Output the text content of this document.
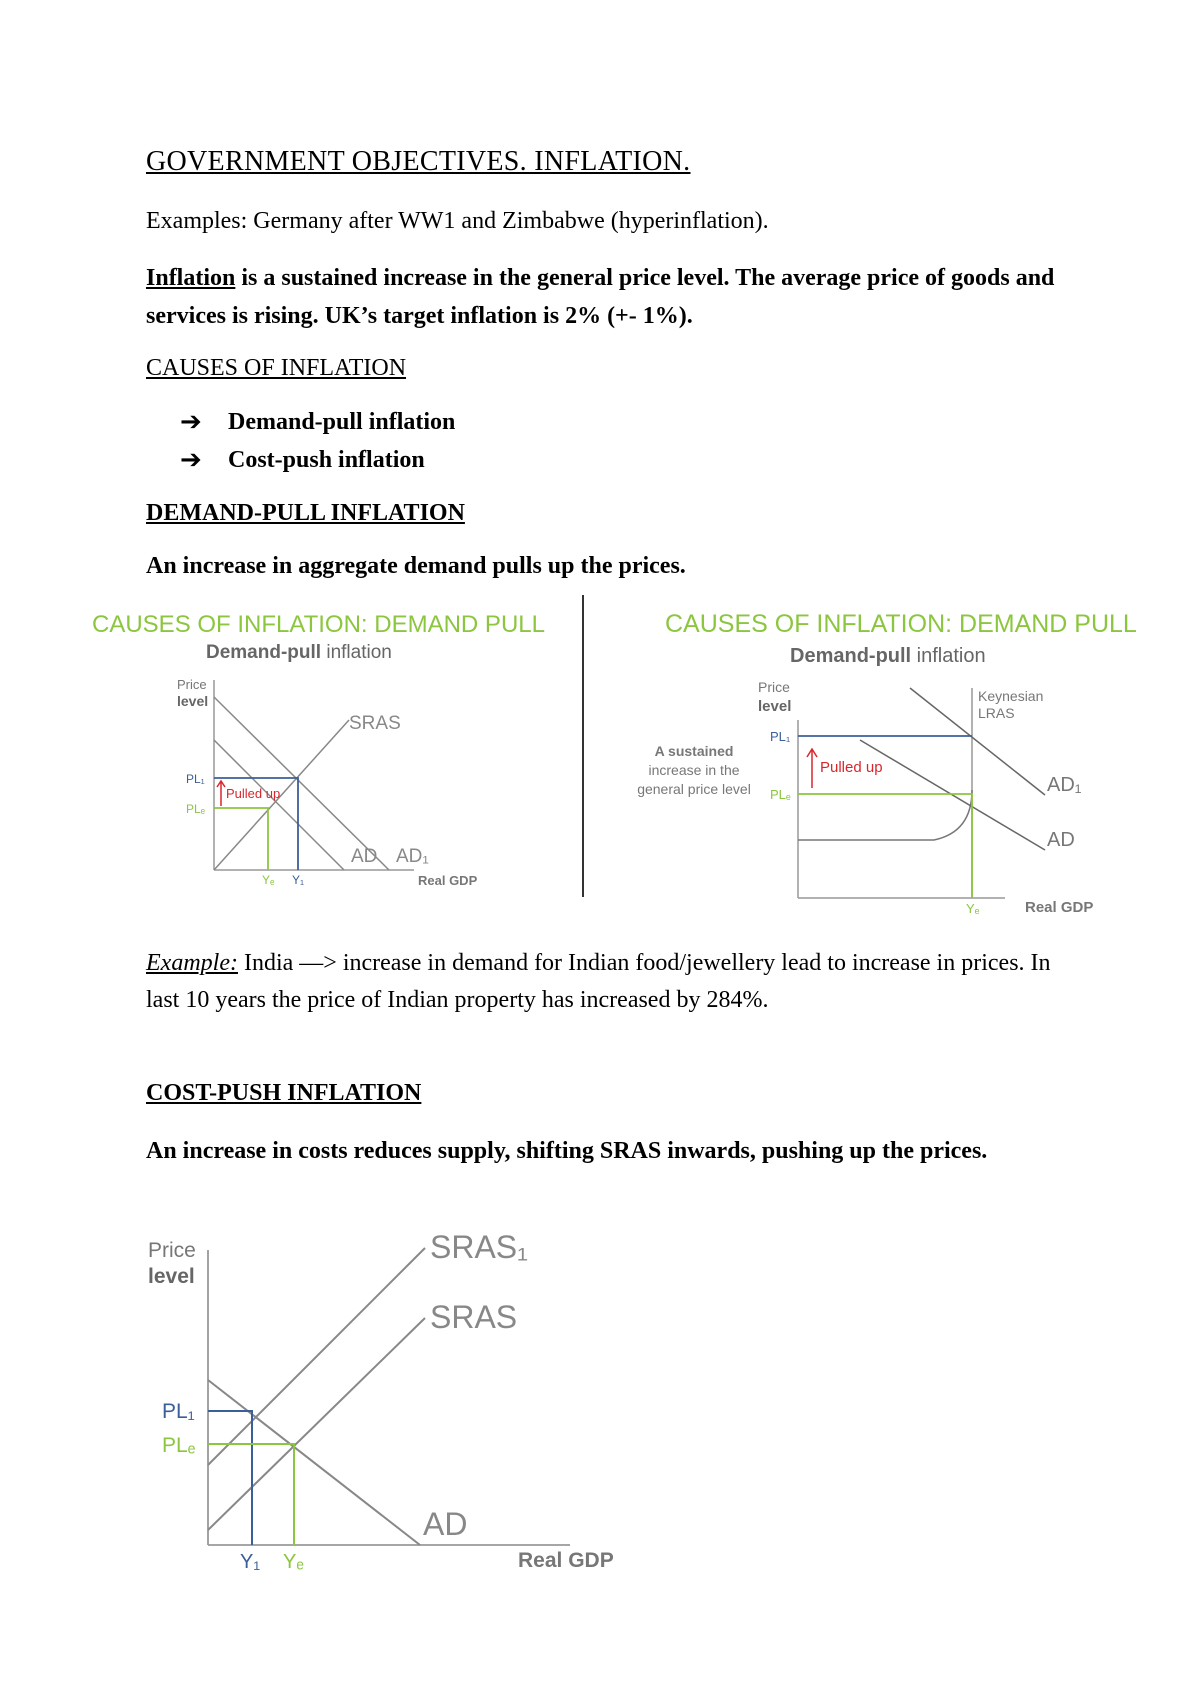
GOVERNMENT OBJECTIVES. INFLATION.
Examples: Germany after WW1 and Zimbabwe (hyperinflation).
Inflation is a sustained increase in the general price level. The average price of goods and services is rising. UK’s target inflation is 2% (+- 1%).
CAUSES OF INFLATION
➔	Demand-pull inflation
➔	Cost-push inflation
DEMAND-PULL INFLATION
An increase in aggregate demand pulls up the prices.
CAUSES OF INFLATION: DEMAND PULL
Demand-pull inflation
Price
level
SRAS
AD AD₁
PL₁
PLₑ
Pulled up
Yₑ Y₁	Real GDP
CAUSES OF INFLATION: DEMAND PULL
Demand-pull inflation
Price
level
Keynesian
LRAS
AD₁
AD
PL₁
PLₑ
Pulled up
A sustained
increase in the
general price level
Yₑ	Real GDP
Example: India —> increase in demand for Indian food/jewellery lead to increase in prices. In last 10 years the price of Indian property has increased by 284%.
COST-PUSH INFLATION
An increase in costs reduces supply, shifting SRAS inwards, pushing up the prices.
Price
level
SRAS₁
SRAS
AD
PL₁
PLₑ
Y₁ Yₑ	Real GDP
